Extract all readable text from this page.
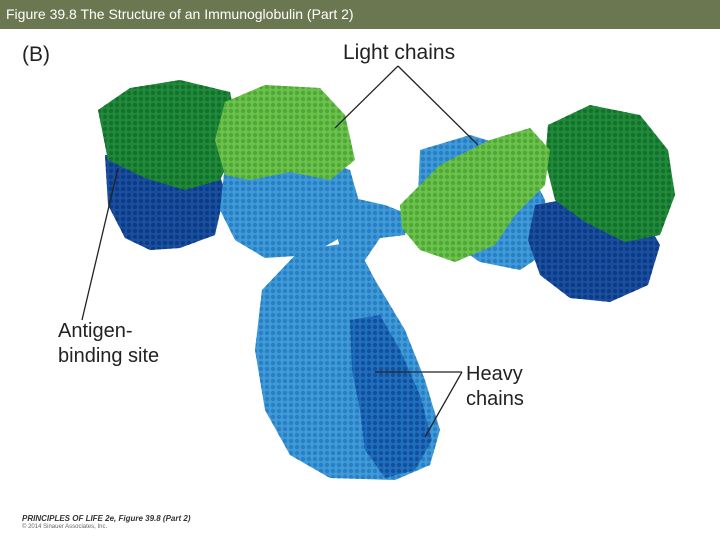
Figure 39.8 The Structure of an Immunoglobulin (Part 2)
(B)	Light chains
Antigen-
binding site
Heavy
chains
PRINCIPLES OF LIFE 2e, Figure 39.8 (Part 2)
© 2014 Sinauer Associates, Inc.
